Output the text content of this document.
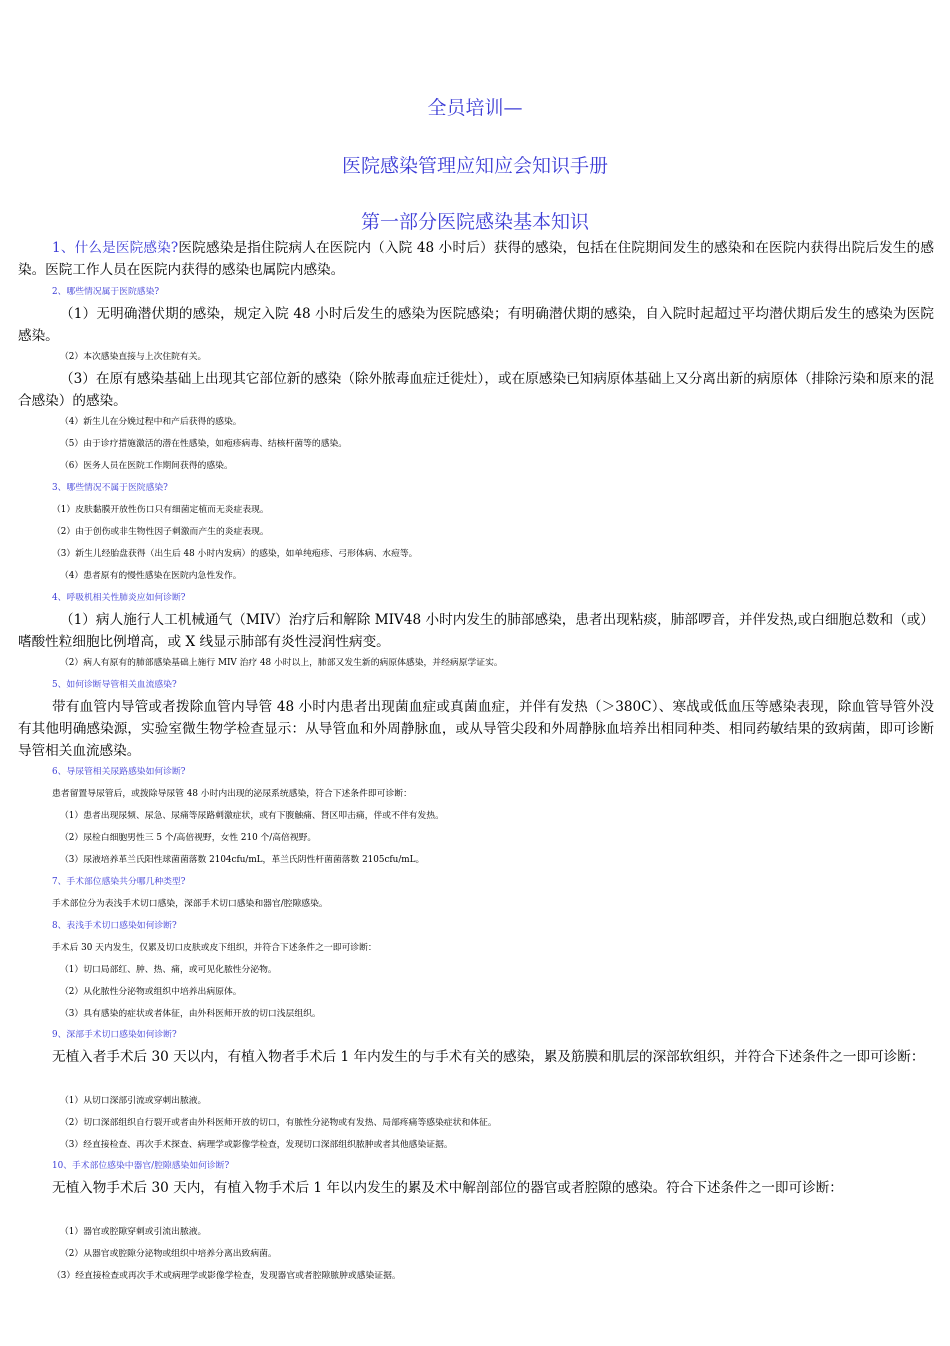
全员培训—
医院感染管理应知应会知识手册
第一部分医院感染基本知识
1、什么是医院感染?医院感染是指住院病人在医院内（入院 48 小时后）获得的感染，包括在住院期间发生的感染和在医院内获得出院后发生的感染。医院工作人员在医院内获得的感染也属院内感染。
2、哪些情况属于医院感染?
（1）无明确潜伏期的感染，规定入院 48 小时后发生的感染为医院感染；有明确潜伏期的感染，自入院时起超过平均潜伏期后发生的感染为医院感染。
（2）本次感染直接与上次住院有关。
（3）在原有感染基础上出现其它部位新的感染（除外脓毒血症迁徙灶），或在原感染已知病原体基础上又分离出新的病原体（排除污染和原来的混合感染）的感染。
（4）新生儿在分娩过程中和产后获得的感染。
（5）由于诊疗措施激活的潜在性感染，如疱疹病毒、结核杆菌等的感染。
（6）医务人员在医院工作期间获得的感染。
3、哪些情况不属于医院感染?
（1）皮肤黏膜开放性伤口只有细菌定植而无炎症表现。
（2）由于创伤或非生物性因子刺激而产生的炎症表现。
（3）新生儿经胎盘获得（出生后 48 小时内发病）的感染，如单纯疱疹、弓形体病、水痘等。
（4）患者原有的慢性感染在医院内急性发作。
4、呼吸机相关性肺炎应如何诊断?
（1）病人施行人工机械通气（MIV）治疗后和解除 MIV48 小时内发生的肺部感染，患者出现粘痰，肺部啰音，并伴发热,或白细胞总数和（或）嗜酸性粒细胞比例增高，或 X 线显示肺部有炎性浸润性病变。
（2）病人有原有的肺部感染基础上施行 MIV 治疗 48 小时以上，肺部又发生新的病原体感染，并经病原学证实。
5、如何诊断导管相关血流感染?
带有血管内导管或者拨除血管内导管 48 小时内患者出现菌血症或真菌血症，并伴有发热（＞380C）、寒战或低血压等感染表现，除血管导管外没有其他明确感染源，实验室微生物学检查显示：从导管血和外周静脉血，或从导管尖段和外周静脉血培养出相同种类、相同药敏结果的致病菌，即可诊断导管相关血流感染。
6、导尿管相关尿路感染如何诊断?
患者留置导尿管后，或拨除导尿管 48 小时内出现的泌尿系统感染，符合下述条件即可诊断：
（1）患者出现尿频、尿急、尿痛等尿路刺激症状，或有下腹触痛、肾区叩击痛，伴或不伴有发热。
（2）尿检白细胞男性三 5 个/高倍视野，女性 210 个/高倍视野。
（3）尿液培养革兰氏阳性球菌菌落数 2104cfu/mL，革兰氏阴性杆菌菌落数 2105cfu/mL。
7、手术部位感染共分哪几种类型?
手术部位分为表浅手术切口感染，深部手术切口感染和器官/腔隙感染。
8、表浅手术切口感染如何诊断?
手术后 30 天内发生，仅累及切口皮肤或皮下组织，并符合下述条件之一即可诊断：
（1）切口局部红、肿、热、痛，或可见化脓性分泌物。
（2）从化脓性分泌物或组织中培养出病原体。
（3）具有感染的症状或者体征，由外科医师开放的切口浅层组织。
9、深部手术切口感染如何诊断?
无植入者手术后 30 天以内，有植入物者手术后 1 年内发生的与手术有关的感染，累及筋膜和肌层的深部软组织，并符合下述条件之一即可诊断：
（1）从切口深部引流或穿刺出脓液。
（2）切口深部组织自行裂开或者由外科医师开放的切口，有脓性分泌物或有发热、局部疼痛等感染症状和体征。
（3）经直接检查、再次手术探查、病理学或影像学检查，发现切口深部组织脓肿或者其他感染证据。
10、手术部位感染中器官/腔隙感染如何诊断?
无植入物手术后 30 天内，有植入物手术后 1 年以内发生的累及术中解剖部位的器官或者腔隙的感染。符合下述条件之一即可诊断：
（1）器官或腔隙穿刺或引流出脓液。
（2）从器官或腔隙分泌物或组织中培养分离出致病菌。
（3）经直接检查或再次手术或病理学或影像学检查，发现器官或者腔隙脓肿或感染证据。
